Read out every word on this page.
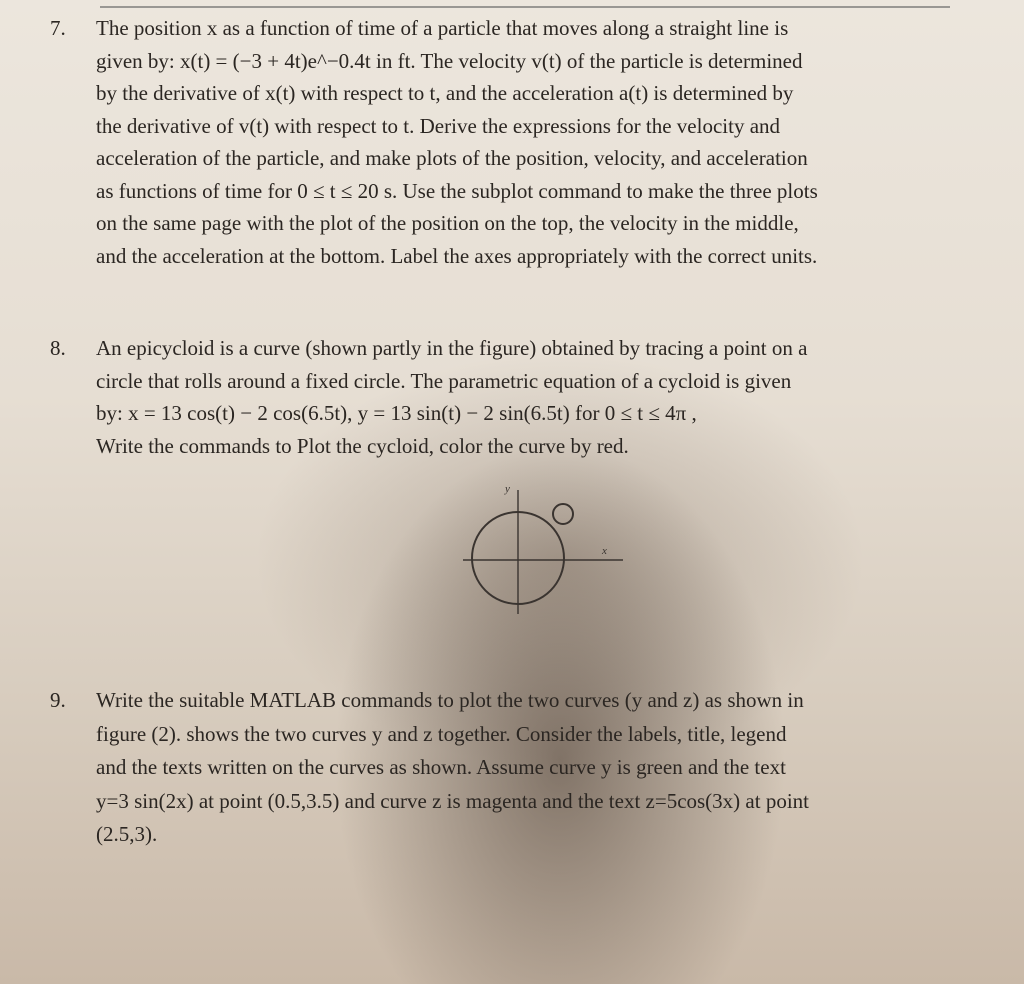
7. The position x as a function of time of a particle that moves along a straight line is
given by: x(t) = (−3 + 4t)e^−0.4t in ft. The velocity v(t) of the particle is determined
by the derivative of x(t) with respect to t, and the acceleration a(t) is determined by
the derivative of v(t) with respect to t. Derive the expressions for the velocity and
acceleration of the particle, and make plots of the position, velocity, and acceleration
as functions of time for 0 ≤ t ≤ 20 s. Use the subplot command to make the three plots
on the same page with the plot of the position on the top, the velocity in the middle,
and the acceleration at the bottom. Label the axes appropriately with the correct units.
8. An epicycloid is a curve (shown partly in the figure) obtained by tracing a point on a
circle that rolls around a fixed circle. The parametric equation of a cycloid is given
by: x = 13 cos(t) − 2 cos(6.5t), y = 13 sin(t) − 2 sin(6.5t) for 0 ≤ t ≤ 4π ,
Write the commands to Plot the cycloid, color the curve by red.
y
x
9. Write the suitable MATLAB commands to plot the two curves (y and z) as shown in
figure (2). shows the two curves y and z together. Consider the labels, title, legend
and the texts written on the curves as shown. Assume curve y is green and the text
y=3 sin(2x) at point (0.5,3.5) and curve z is magenta and the text z=5cos(3x) at point
(2.5,3).
